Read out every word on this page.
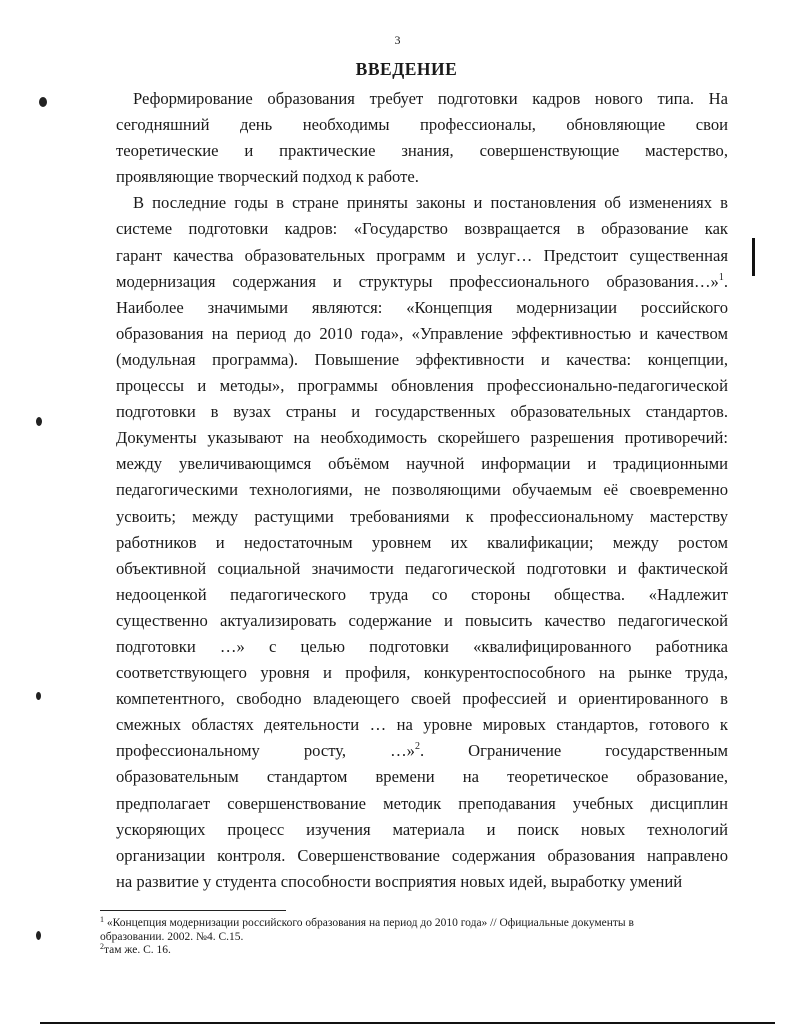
3
ВВЕДЕНИЕ
Реформирование образования требует подготовки кадров нового типа. На
сегодняшний день необходимы профессионалы, обновляющие свои
теоретические и практические знания, совершенствующие мастерство,
проявляющие творческий подход к работе.
В последние годы в стране приняты законы и постановления об изменениях в
системе подготовки кадров: «Государство возвращается в образование как
гарант качества образовательных программ и услуг… Предстоит существенная
модернизация содержания и структуры профессионального образования…»$^1$.
Наиболее значимыми являются: «Концепция модернизации российского
образования на период до 2010 года», «Управление эффективностью и качеством
(модульная программа). Повышение эффективности и качества: концепции,
процессы и методы», программы обновления профессионально-педагогической
подготовки в вузах страны и государственных образовательных стандартов.
Документы указывают на необходимость скорейшего разрешения противоречий:
между увеличивающимся объёмом научной информации и традиционными
педагогическими технологиями, не позволяющими обучаемым её своевременно
усвоить; между растущими требованиями к профессиональному мастерству
работников и недостаточным уровнем их квалификации; между ростом
объективной социальной значимости педагогической подготовки и фактической
недооценкой педагогического труда со стороны общества. «Надлежит
существенно актуализировать содержание и повысить качество педагогической
подготовки …» с целью подготовки «квалифицированного работника
соответствующего уровня и профиля, конкурентоспособного на рынке труда,
компетентного, свободно владеющего своей профессией и ориентированного в
смежных областях деятельности … на уровне мировых стандартов, готового к
профессиональному росту, …»$^2$. Ограничение государственным
образовательным стандартом времени на теоретическое образование,
предполагает совершенствование методик преподавания учебных дисциплин
ускоряющих процесс изучения материала и поиск новых технологий
организации контроля. Совершенствование содержания образования направлено
на развитие у студента способности восприятия новых идей, выработку умений
$^1$ «Концепция модернизации российского образования на период до 2010 года» // Официальные документы в
образовании. 2002. №4. С.15.
$^2$там же. С. 16.
